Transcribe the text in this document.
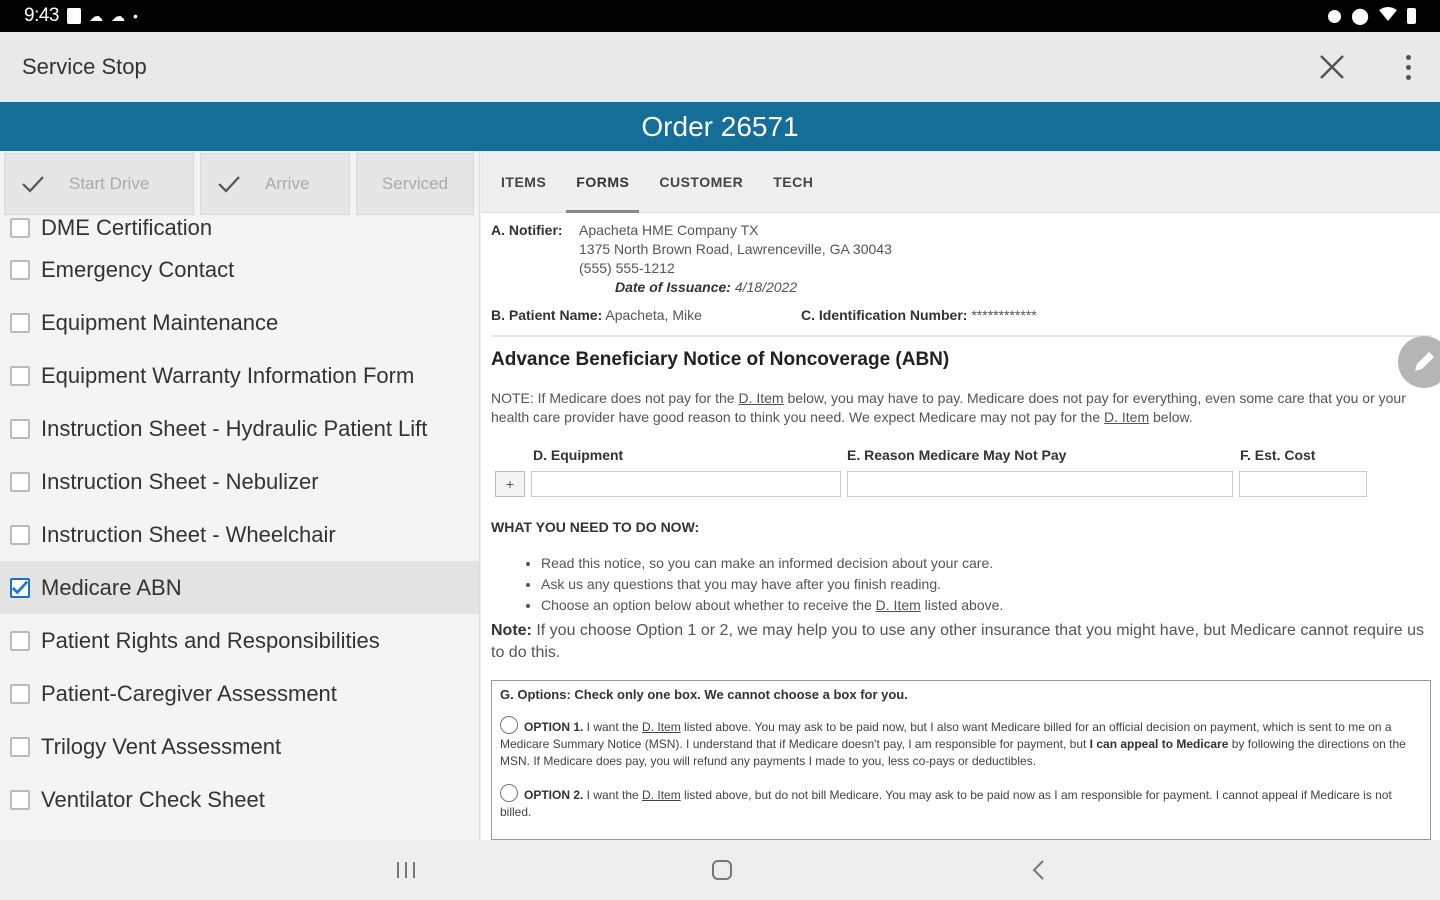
9:43 ☁ ☁ •	⬤
Service Stop
Order 26571
Start Drive	Arrive	Serviced
DME Certification
Emergency Contact
Equipment Maintenance
Equipment Warranty Information Form
Instruction Sheet - Hydraulic Patient Lift
Instruction Sheet - Nebulizer
Instruction Sheet - Wheelchair
Medicare ABN
Patient Rights and Responsibilities
Patient-Caregiver Assessment
Trilogy Vent Assessment
Ventilator Check Sheet
ITEMS	FORMS	CUSTOMER	TECH
A. Notifier:	Apacheta HME Company TX
1375 North Brown Road, Lawrenceville, GA 30043
(555) 555-1212
Date of Issuance: 4/18/2022
B. Patient Name: Apacheta, Mike	C. Identification Number: ************
Advance Beneficiary Notice of Noncoverage (ABN)
NOTE: If Medicare does not pay for the D. Item below, you may have to pay. Medicare does not pay for everything, even some care that you or your health care provider have good reason to think you need. We expect Medicare may not pay for the D. Item below.
D. Equipment	E. Reason Medicare May Not Pay	F. Est. Cost
+
WHAT YOU NEED TO DO NOW:
• Read this notice, so you can make an informed decision about your care.
• Ask us any questions that you may have after you finish reading.
• Choose an option below about whether to receive the D. Item listed above.
Note: If you choose Option 1 or 2, we may help you to use any other insurance that you might have, but Medicare cannot require us to do this.
G. Options: Check only one box. We cannot choose a box for you.
OPTION 1. I want the D. Item listed above. You may ask to be paid now, but I also want Medicare billed for an official decision on payment, which is sent to me on a Medicare Summary Notice (MSN). I understand that if Medicare doesn't pay, I am responsible for payment, but I can appeal to Medicare by following the directions on the MSN. If Medicare does pay, you will refund any payments I made to you, less co-pays or deductibles.
OPTION 2. I want the D. Item listed above, but do not bill Medicare. You may ask to be paid now as I am responsible for payment. I cannot appeal if Medicare is not billed.
